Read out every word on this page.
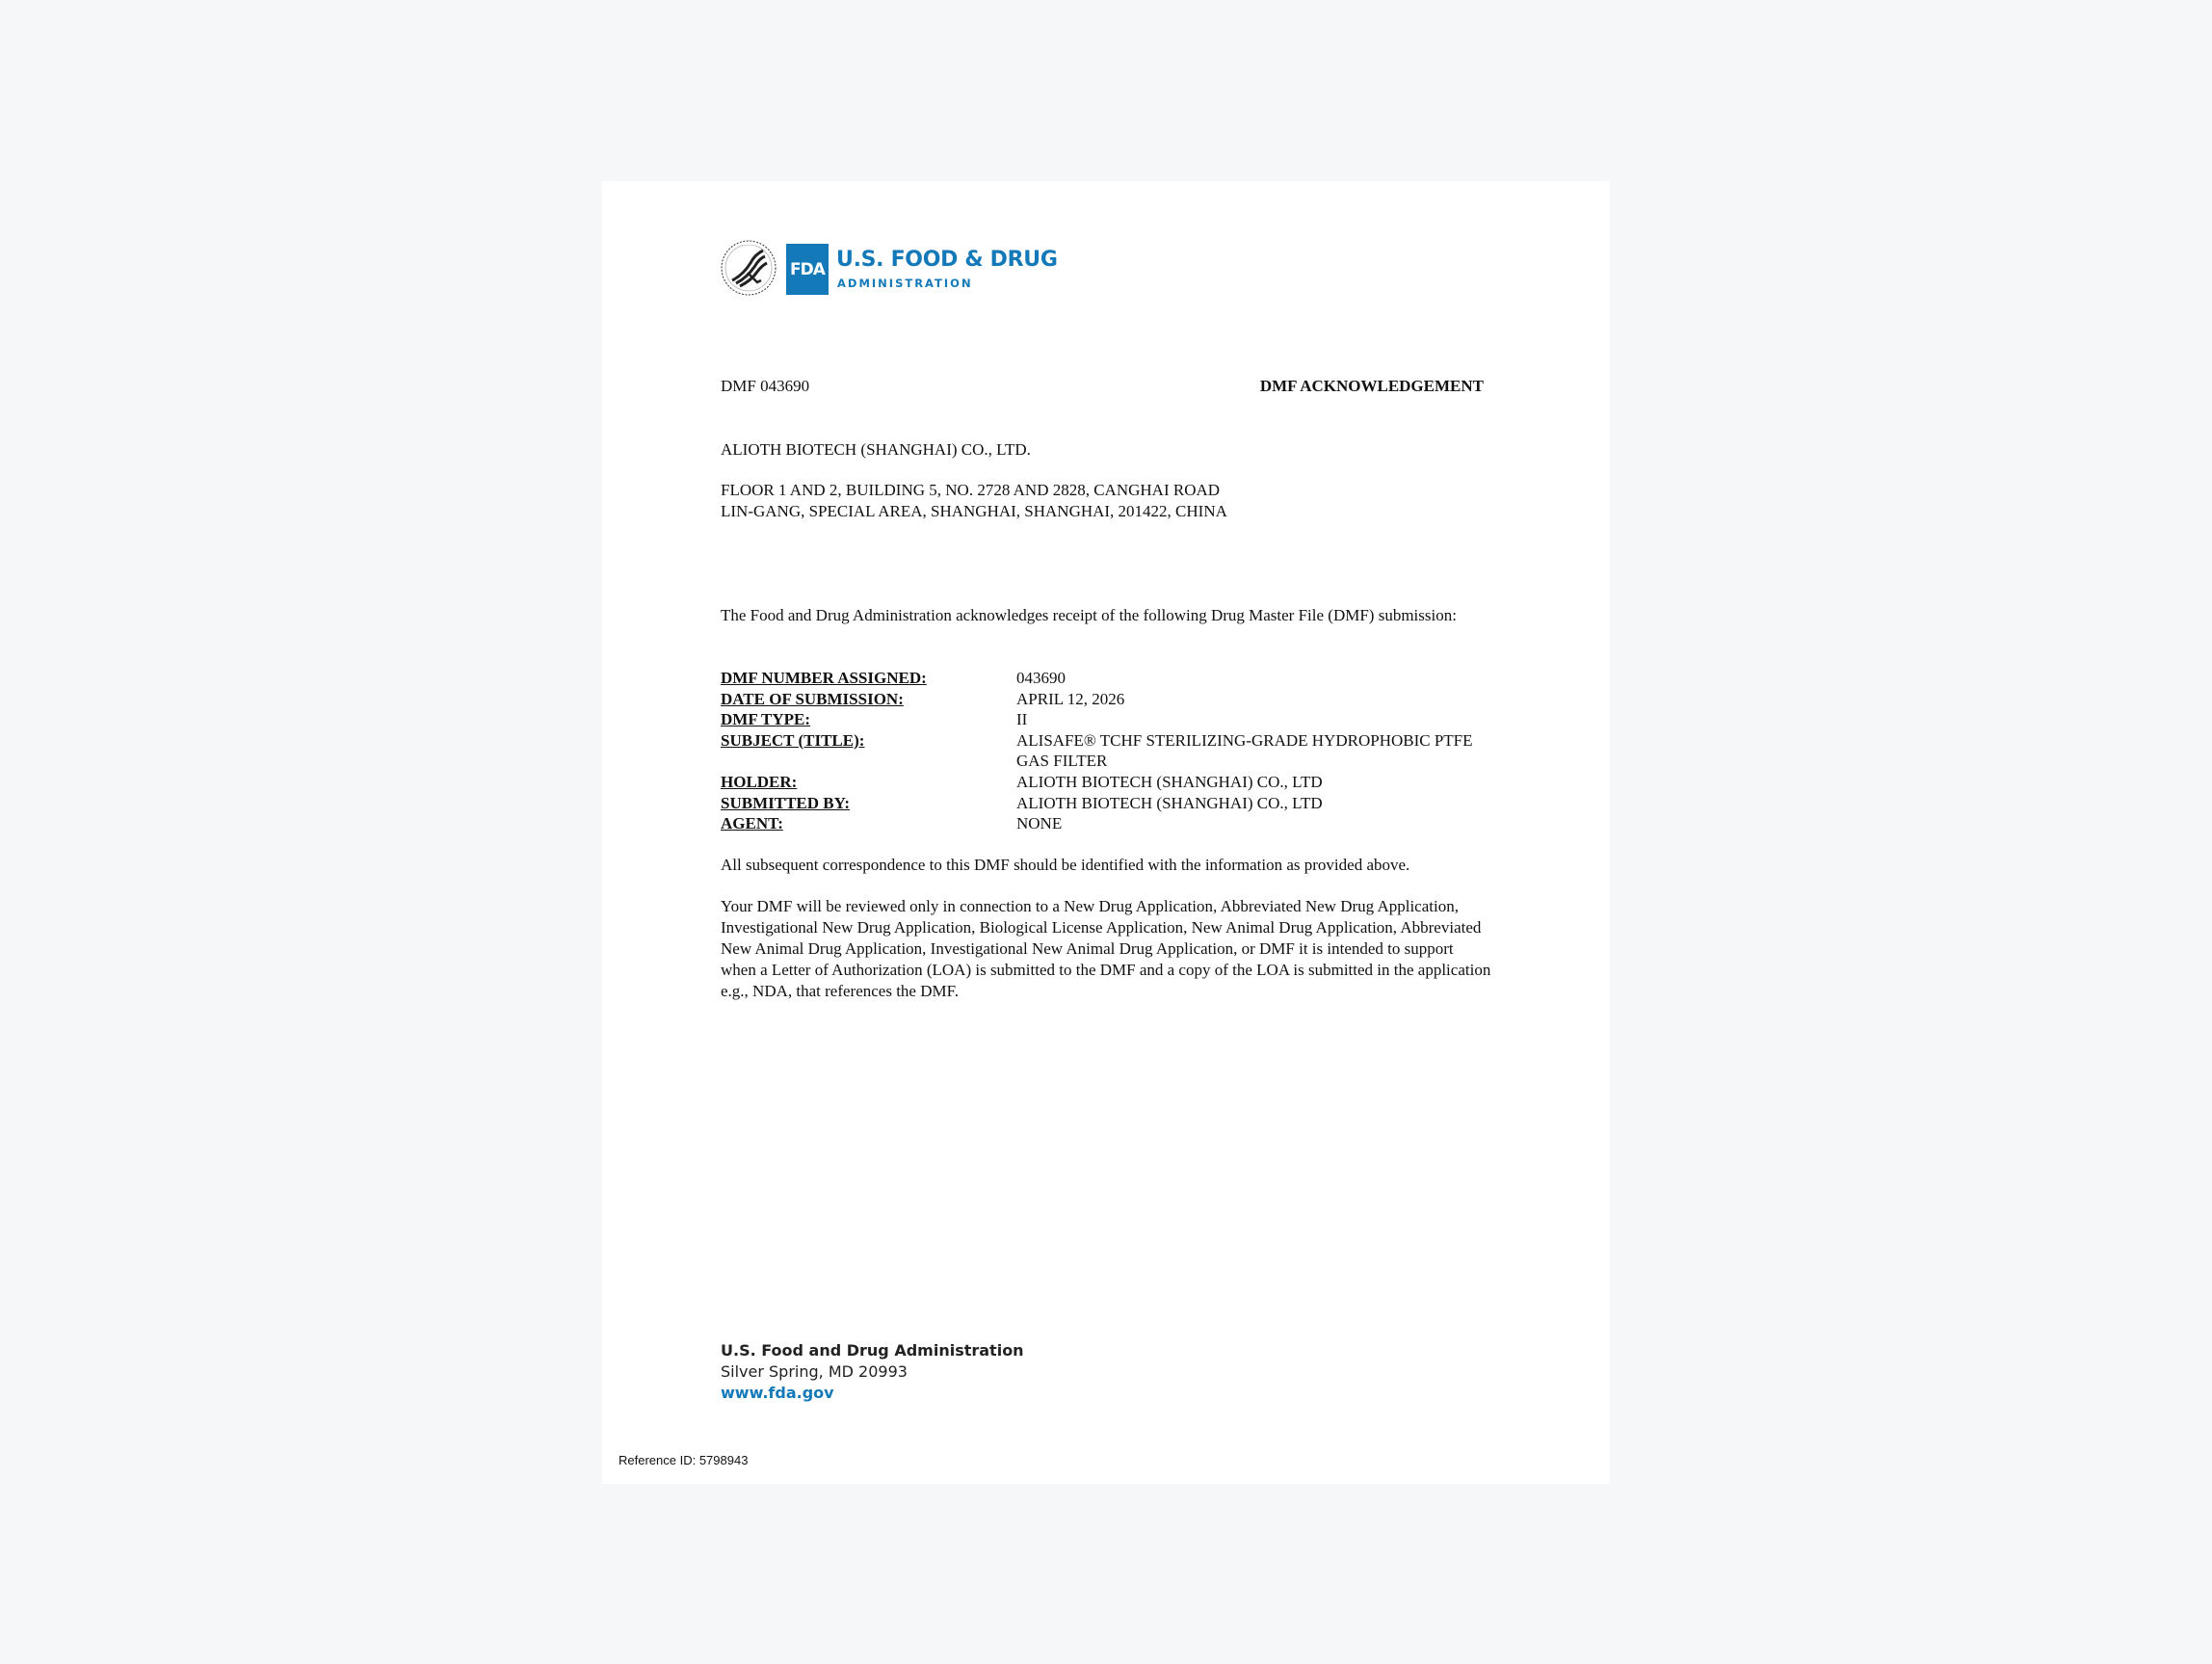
FDA U.S. FOOD & DRUG
ADMINISTRATION
DMF 043690	DMF ACKNOWLEDGEMENT
ALIOTH BIOTECH (SHANGHAI) CO., LTD.
FLOOR 1 AND 2, BUILDING 5, NO. 2728 AND 2828, CANGHAI ROAD
LIN-GANG, SPECIAL AREA, SHANGHAI, SHANGHAI, 201422, CHINA
The Food and Drug Administration acknowledges receipt of the following Drug Master File (DMF) submission:
DMF NUMBER ASSIGNED:	043690
DATE OF SUBMISSION:	APRIL 12, 2026
DMF TYPE:	II
SUBJECT (TITLE):	ALISAFE® TCHF STERILIZING-GRADE HYDROPHOBIC PTFE GAS FILTER
HOLDER:	ALIOTH BIOTECH (SHANGHAI) CO., LTD
SUBMITTED BY:	ALIOTH BIOTECH (SHANGHAI) CO., LTD
AGENT:	NONE
All subsequent correspondence to this DMF should be identified with the information as provided above.
Your DMF will be reviewed only in connection to a New Drug Application, Abbreviated New Drug Application, Investigational New Drug Application, Biological License Application, New Animal Drug Application, Abbreviated New Animal Drug Application, Investigational New Animal Drug Application, or DMF it is intended to support when a Letter of Authorization (LOA) is submitted to the DMF and a copy of the LOA is submitted in the application e.g., NDA, that references the DMF.
U.S. Food and Drug Administration
Silver Spring, MD 20993
www.fda.gov
Reference ID: 5798943
